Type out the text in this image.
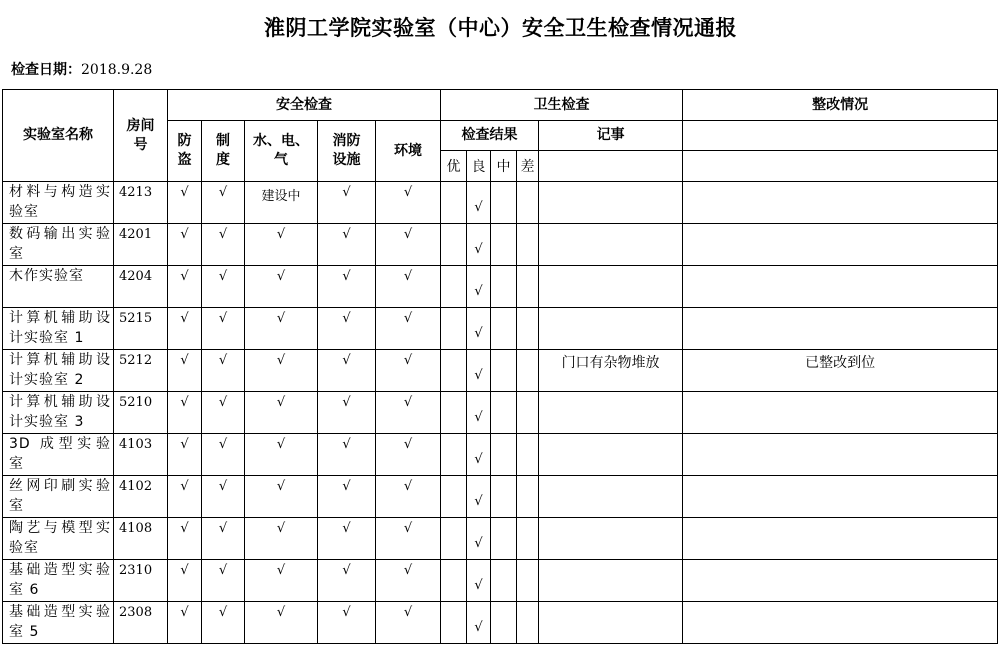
淮阴工学院实验室（中心）安全卫生检查情况通报
检查日期：2018.9.28
实验室名称	房间号	安全检查					卫生检查					整改情况
		防盗	制度	水、电、气	消防设施	环境	检查结果				记事	
							优	良	中	差		
材料与构造实验室	4213	√	√	建设中	√	√		√				
数码输出实验室	4201	√	√	√	√	√		√				
木作实验室	4204	√	√	√	√	√		√				
计算机辅助设计实验室 1	5215	√	√	√	√	√		√				
计算机辅助设计实验室 2	5212	√	√	√	√	√		√			门口有杂物堆放	已整改到位
计算机辅助设计实验室 3	5210	√	√	√	√	√		√				
3D 成型实验室	4103	√	√	√	√	√		√				
丝网印刷实验室	4102	√	√	√	√	√		√				
陶艺与模型实验室	4108	√	√	√	√	√		√				
基础造型实验室 6	2310	√	√	√	√	√		√				
基础造型实验室 5	2308	√	√	√	√	√		√				
